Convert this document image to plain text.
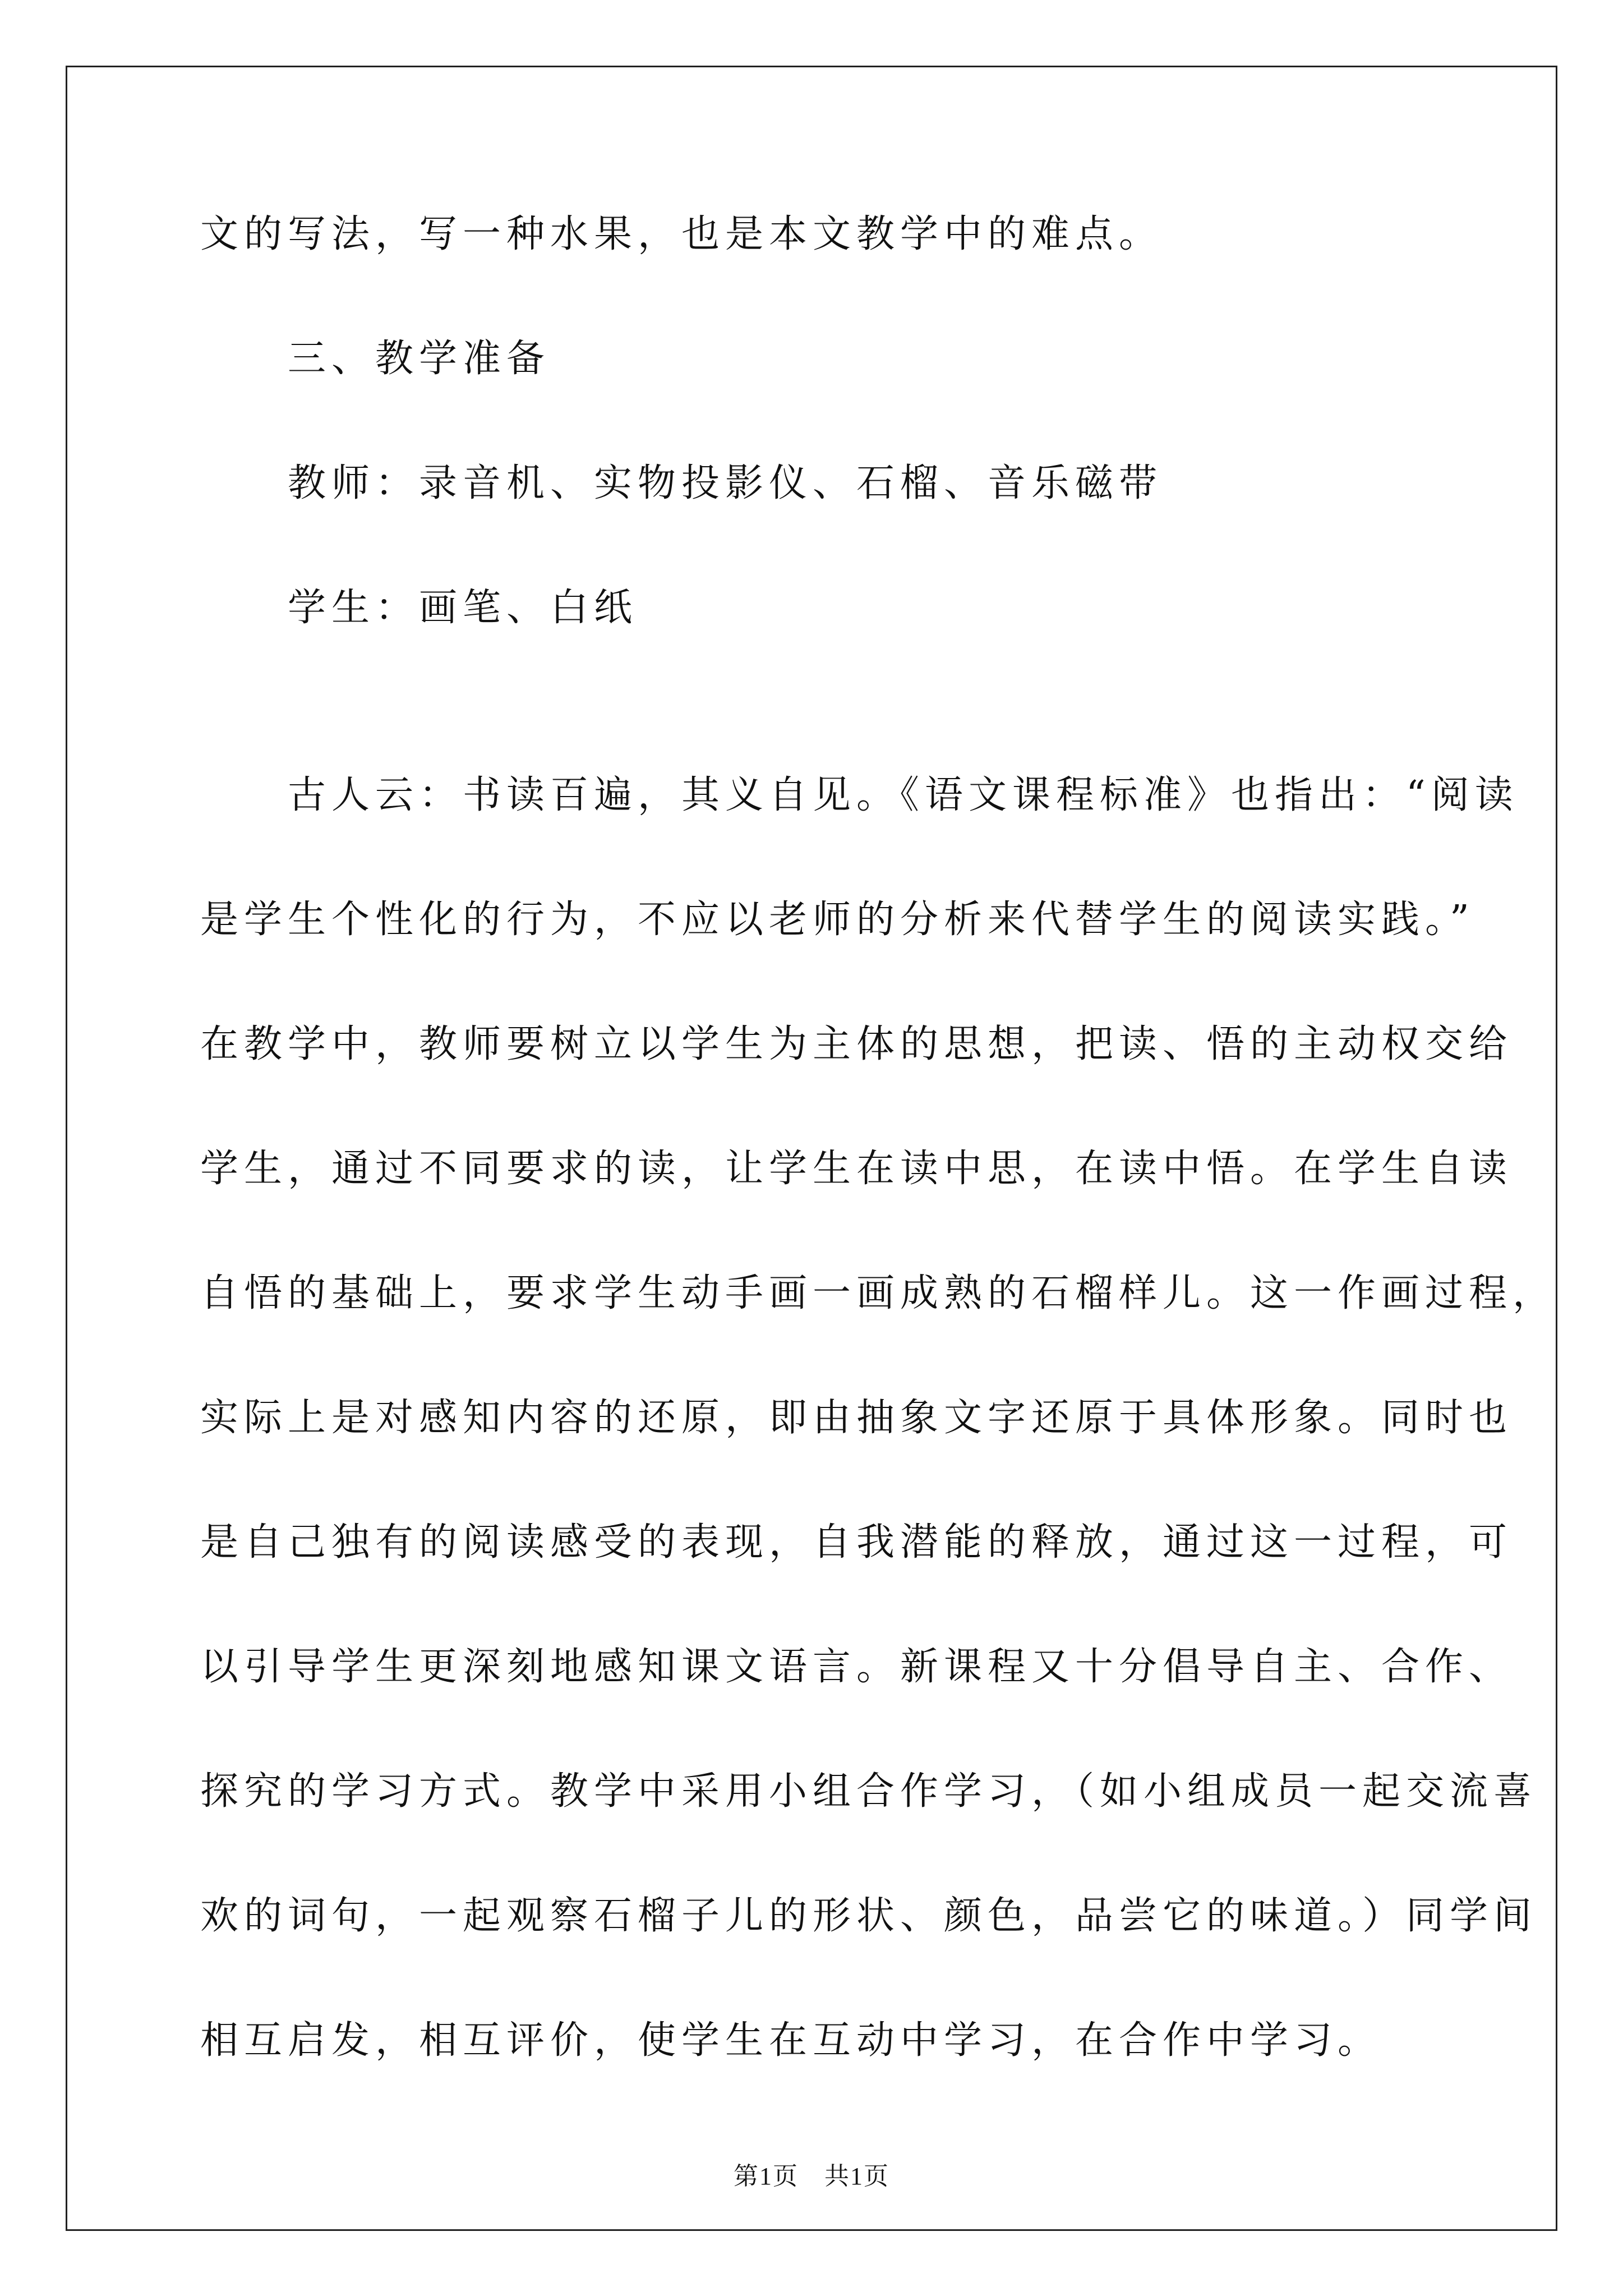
文的写法，写一种水果，也是本文教学中的难点。
　　三、教学准备
　　教师：录音机、实物投影仪、石榴、音乐磁带
　　学生：画笔、白纸
　　古人云：书读百遍，其义自见。《语文课程标准》也指出：“阅读
是学生个性化的行为，不应以老师的分析来代替学生的阅读实践。”
在教学中，教师要树立以学生为主体的思想，把读、悟的主动权交给
学生，通过不同要求的读，让学生在读中思，在读中悟。在学生自读
自悟的基础上，要求学生动手画一画成熟的石榴样儿。这一作画过程，
实际上是对感知内容的还原，即由抽象文字还原于具体形象。同时也
是自己独有的阅读感受的表现，自我潜能的释放，通过这一过程，可
以引导学生更深刻地感知课文语言。新课程又十分倡导自主、合作、
探究的学习方式。教学中采用小组合作学习，（如小组成员一起交流喜
欢的词句，一起观察石榴子儿的形状、颜色，品尝它的味道。）同学间
相互启发，相互评价，使学生在互动中学习，在合作中学习。
第1页　共1页
